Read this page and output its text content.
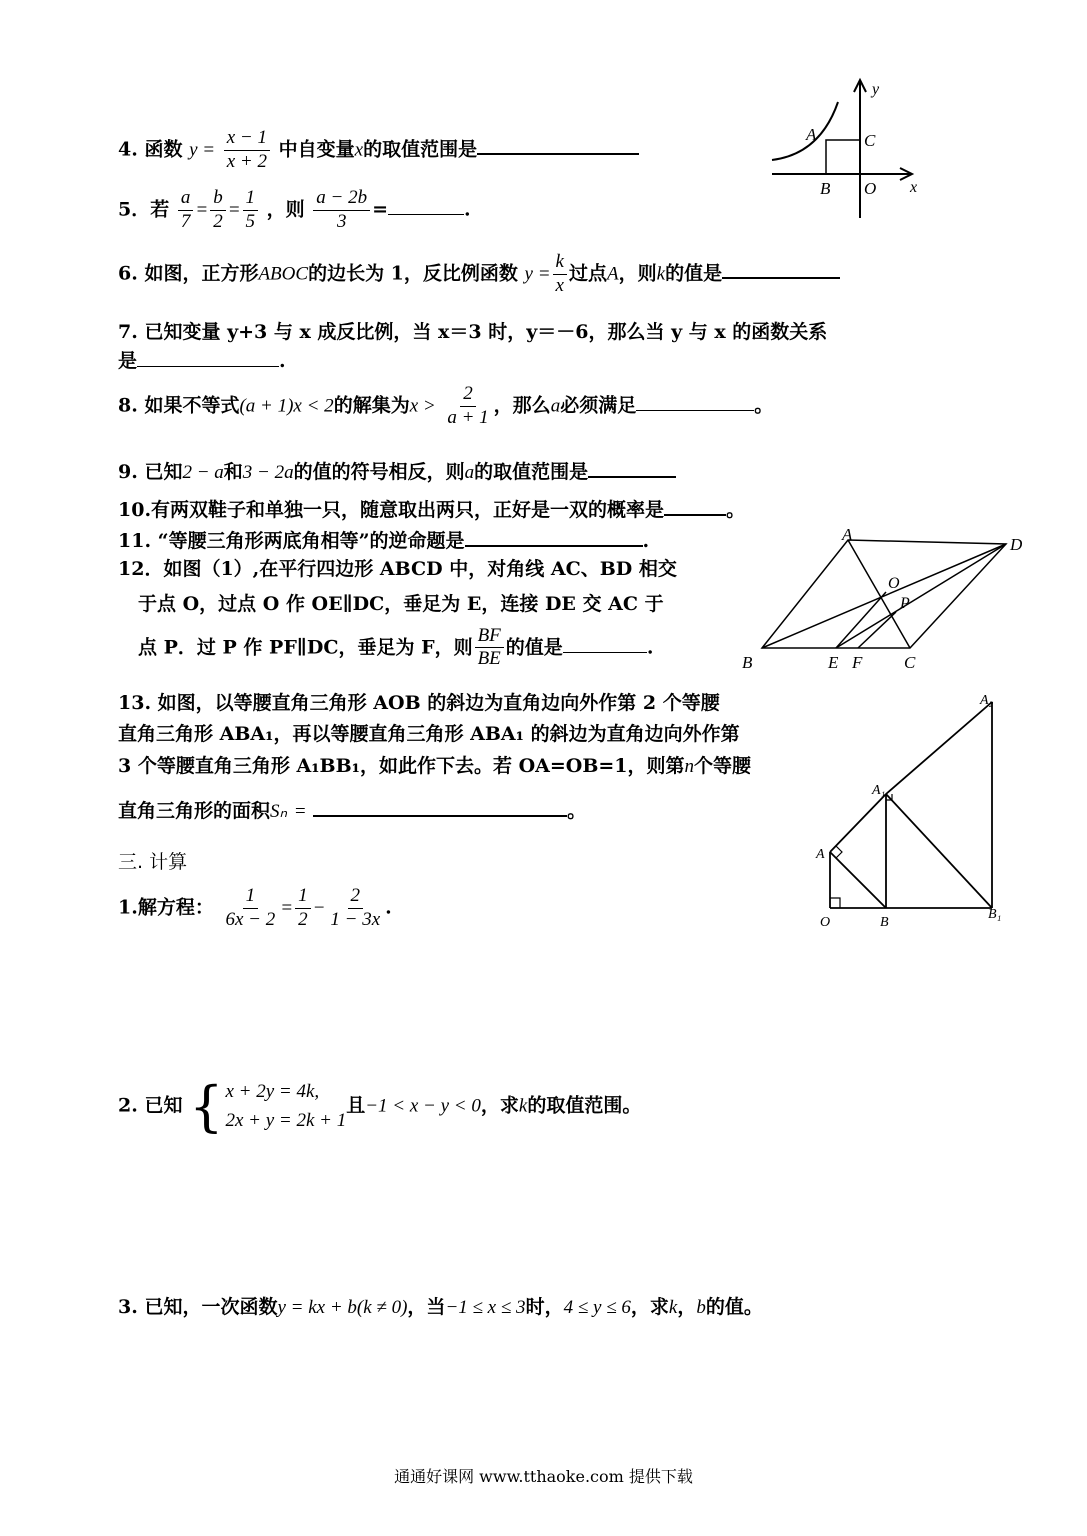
4. 函数 $y = \frac{x - 1}{x + 2}$ 中自变量x的取值范围是
5．若 $\frac{a}{7} = \frac{b}{2} = \frac{1}{5}$ ，则 $\frac{a - 2b}{3}$ =	.
6. 如图，正方形ABOC的边长为 1，反比例函数 $y = \frac{k}{x}$ 过点A，则k的值是
7. 已知变量 y+3 与 x 成反比例，当 x＝3 时，y＝－6，那么当 y 与 x 的函数关系
是	.
8. 如果不等式(a + 1)x < 2的解集为$x > \frac{2}{a + 1}$ ，那么a必须满足	。
9. 已知2 − a和3 − 2a的值的符号相反，则a的取值范围是
10.有两双鞋子和单独一只，随意取出两只，正好是一双的概率是	。
11. “等腰三角形两底角相等”的逆命题是	.
12．如图（1）,在平行四边形 ABCD 中，对角线 AC、BD 相交
于点 O，过点 O 作 OE∥DC，垂足为 E，连接 DE 交 AC 于
点 P．过 P 作 PF∥DC，垂足为 F，则 $\frac{BF}{BE}$ 的值是	.
13. 如图，以等腰直角三角形 AOB 的斜边为直角边向外作第 2 个等腰
直角三角形 ABA₁，再以等腰直角三角形 ABA₁ 的斜边为直角边向外作第
3 个等腰直角三角形 A₁BB₁，如此作下去。若 OA=OB=1，则第n个等腰
直角三角形的面积Sₙ =	。
三. 计算
1.解方程： $\frac{1}{6x - 2} = \frac{1}{2} - \frac{2}{1 - 3x}$ .
2. 已知 { x + 2y = 4k,
2x + y = 2k + 1
且−1 < x − y < 0，求k的取值范围。
3. 已知，一次函数y = kx + b(k ≠ 0)，当−1 ≤ x ≤ 3时，4 ≤ y ≤ 6，求k，b的值。
y
x
A	C
B O
A
D
O
P
B	E F C
A₂
A₁
A
O	B
B₁
通通好课网 www.tthaoke.com 提供下载
